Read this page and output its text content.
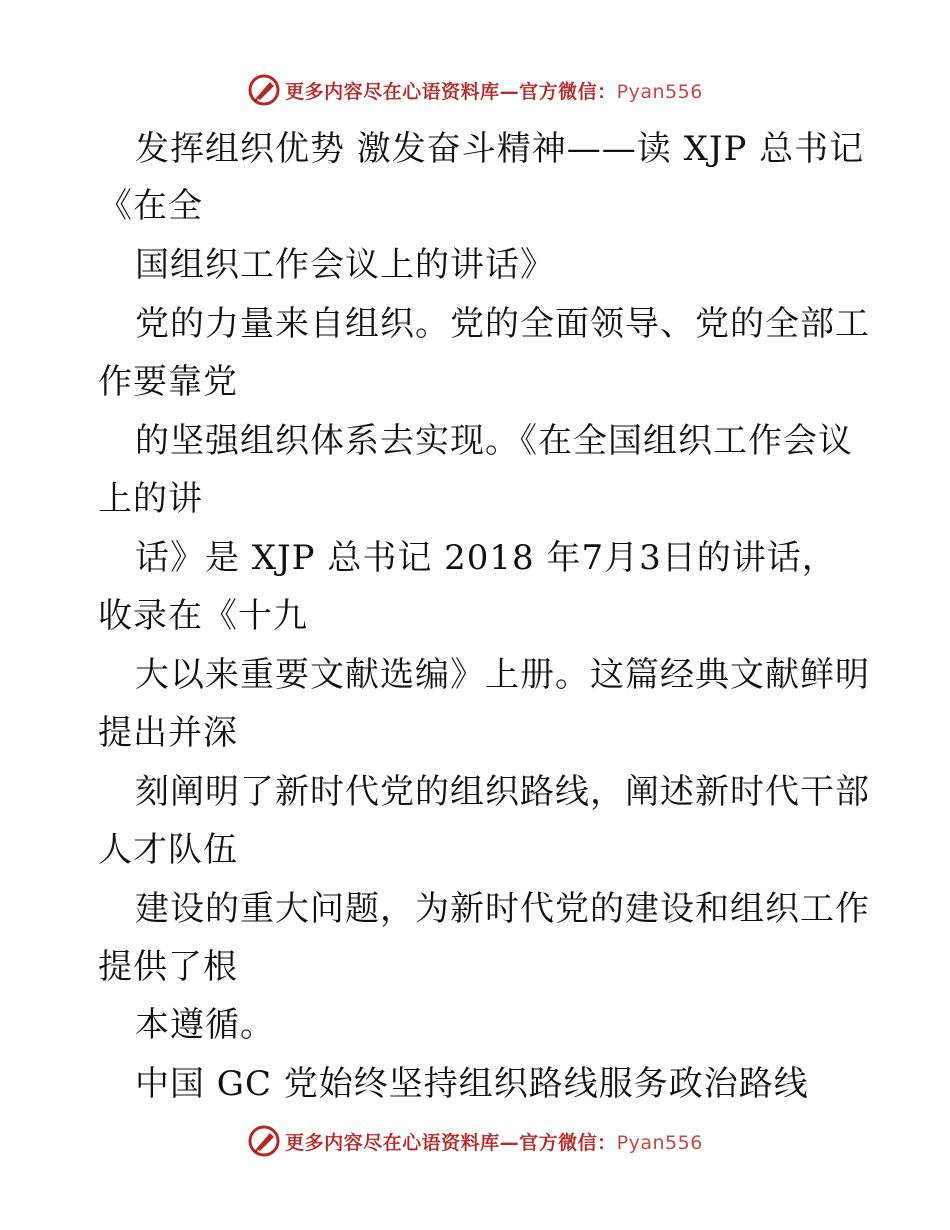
更多内容尽在心语资料库—官方微信：Pyan556
发挥组织优势 激发奋斗精神——读 XJP 总书记
《在全
国组织工作会议上的讲话》
党的力量来自组织。党的全面领导、党的全部工
作要靠党
的坚强组织体系去实现。《在全国组织工作会议
上的讲
话》是 XJP 总书记 2018 年7月3日的讲话，
收录在《十九
大以来重要文献选编》上册。这篇经典文献鲜明
提出并深
刻阐明了新时代党的组织路线，阐述新时代干部
人才队伍
建设的重大问题，为新时代党的建设和组织工作
提供了根
本遵循。
中国 GC 党始终坚持组织路线服务政治路线
更多内容尽在心语资料库—官方微信：Pyan556
